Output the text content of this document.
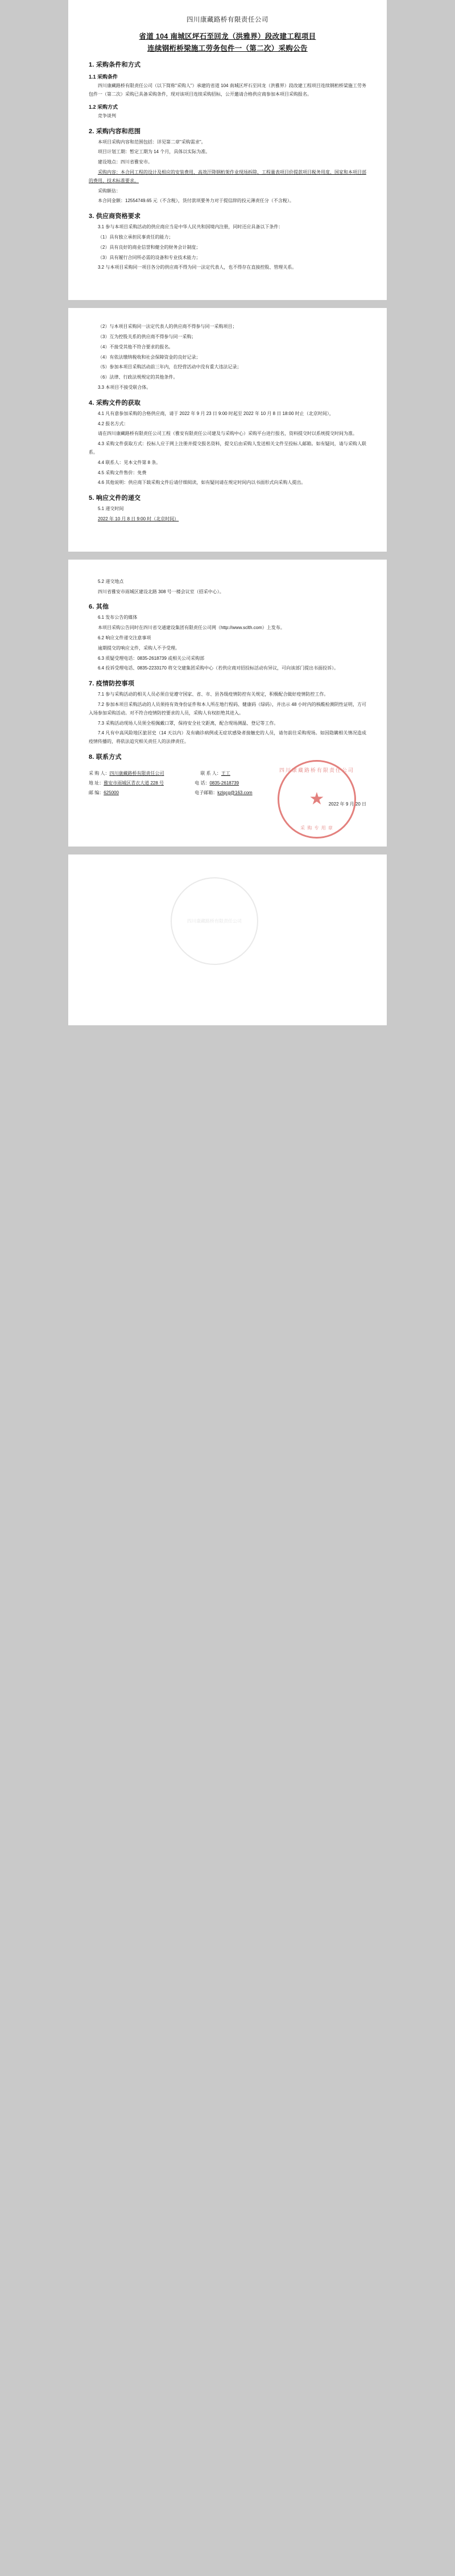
四川康藏路桥有限责任公司
省道 104 南城区坪石至回龙（洪雅界）段改建工程项目
连续钢桁桥梁施工劳务包件一（第二次）采购公告
1. 采购条件和方式
1.1 采购条件

四川康藏路桥有限责任公司（以下简称"采购人"）承建的省道 104 南城区坪石至回龙（洪雅界）段改建工程项目连续钢桁桥梁施工劳务包件一（第二次）采购已具备采购条件，现对该项目连续采购招标，公开邀请合格供应商参加本项目采购报名。

1.2 采购方式

竞争谈判

2. 采购内容和范围

本项目采购内容和范围包括：详见第二章"采购需求"。

项目计划工期：暂定工期为 14 个月，具体以实际为准。

建设地点：四川省雅安市。

采购内容：本合同工程的设计及相应的安装费用、高效汗降钢桁架作业现场拆除、工程量表项目价提款项目税务用度、国家和本项目部的费用、技术标准要求。

采购额估：

本合同金额：12554749.65 元（不含税），货付款项要务力对于提信辞的投元薄责任分（不含税）。

3. 供应商资格要求

3.1 参与本项目采购活动的供应商应当是中华人民共和国境内注册，同时还应具备以下条件：

（1）具有独立承担民事责任的能力；

（2）具有良好的商业信誉和健全的财务会计制度；

（3）具有履行合同所必需的设备和专业技术能力；

3.2 与本项目采购同一项目各分的供应商不得为同一法定代表人，也不得存在直接控股、管理关系。

（2）与本项目采购同一法定代表人的供应商不得参与同一采购项目；

（3）互为控股关系的供应商不得参与同一采购；

（4）不接受其他不符合要求的报名。

（4）有依法缴纳税收和社会保障资金的良好记录；

（5）参加本项目采购活动前三年内，在经营活动中没有重大违法记录；

（6）法律、行政法规规定的其他条件。

3.3 本项目不接受联合体。

4. 采购文件的获取

4.1 凡有意参加采购的合格供应商，请于 2022 年 9 月 23 日 9:00 时起至 2022 年 10 月 8 日 18:00 时止（北京时间），

4.2 报名方式：

请在四川康藏路桥有限责任公司工程（雅安有限责任公司建及与采购中心）采购平台进行报名，资料提交时以系统提交时间为准。

4.3 采购文件获取方式：投标人应于网上注册并提交报名资料，提交后由采购人发送相关文件至投标人邮箱。如有疑问，请与采购人联系。

4.4 联系人：见本文件第 8 条。

4.5 采购文件售价：免费

4.6 其他说明：供应商下载采购文件后请仔细阅读，如有疑问请在规定时间内以书面形式向采购人提出。

5. 响应文件的递交

5.1 递交时间

2022 年 10 月 8 日 9:00 时（北京时间）

5.2 递交地点

四川省雅安市雨城区建设北路 308 号一楼会议室（招采中心）。

6. 其他

6.1 发布公告的媒体

本项目采购公告同时在四川省交通建设集团有限责任公司网（http://www.sclth.com）上发布。

6.2 响应文件递交注意事项

逾期提交的响应文件，采购人不予受理。

6.3 质疑受理电话：0835-2618739 或相关公司采购部

6.4 投诉受理电话、0835-2233170 将交交建集团采购中心（若供应商对招投标活动有异议，可向该部门提出书面投诉）。

7. 疫情防控事项

7.1 参与采购活动的相关人员必须自觉遵守国家、省、市、县各级疫情防控有关规定，积极配合做好疫情防控工作。

7.2 参加本项目采购活动的人员须持有效身份证件和本人所在地行程码、健康码（绿码），并出示 48 小时内的核酸检测阴性证明，方可入场参加采购活动。对不符合疫情防控要求的人员，采购人有权拒绝其进入。

7.3 采购活动现场人员须全程佩戴口罩，保持安全社交距离，配合现场测温、登记等工作。

7.4 凡有中高风险地区旅居史（14 天以内）及有确诊病例或无症状感染者接触史的人员，请勿前往采购现场。如因隐瞒相关情况造成疫情传播的，将依法追究相关责任人的法律责任。

8. 联系方式
四川康藏路桥有限责任公司
★
采 购 专 用 章
采 购 人： 四川康藏路桥有限责任公司	联 系 人： 王工
地 址： 雅安市雨城区青衣大道 228 号	电 话： 0835-2618739
邮 编： 625000	电子邮箱： kzlqcg@163.com
2022 年 9 月 20 日
四川康藏路桥有限责任公司
